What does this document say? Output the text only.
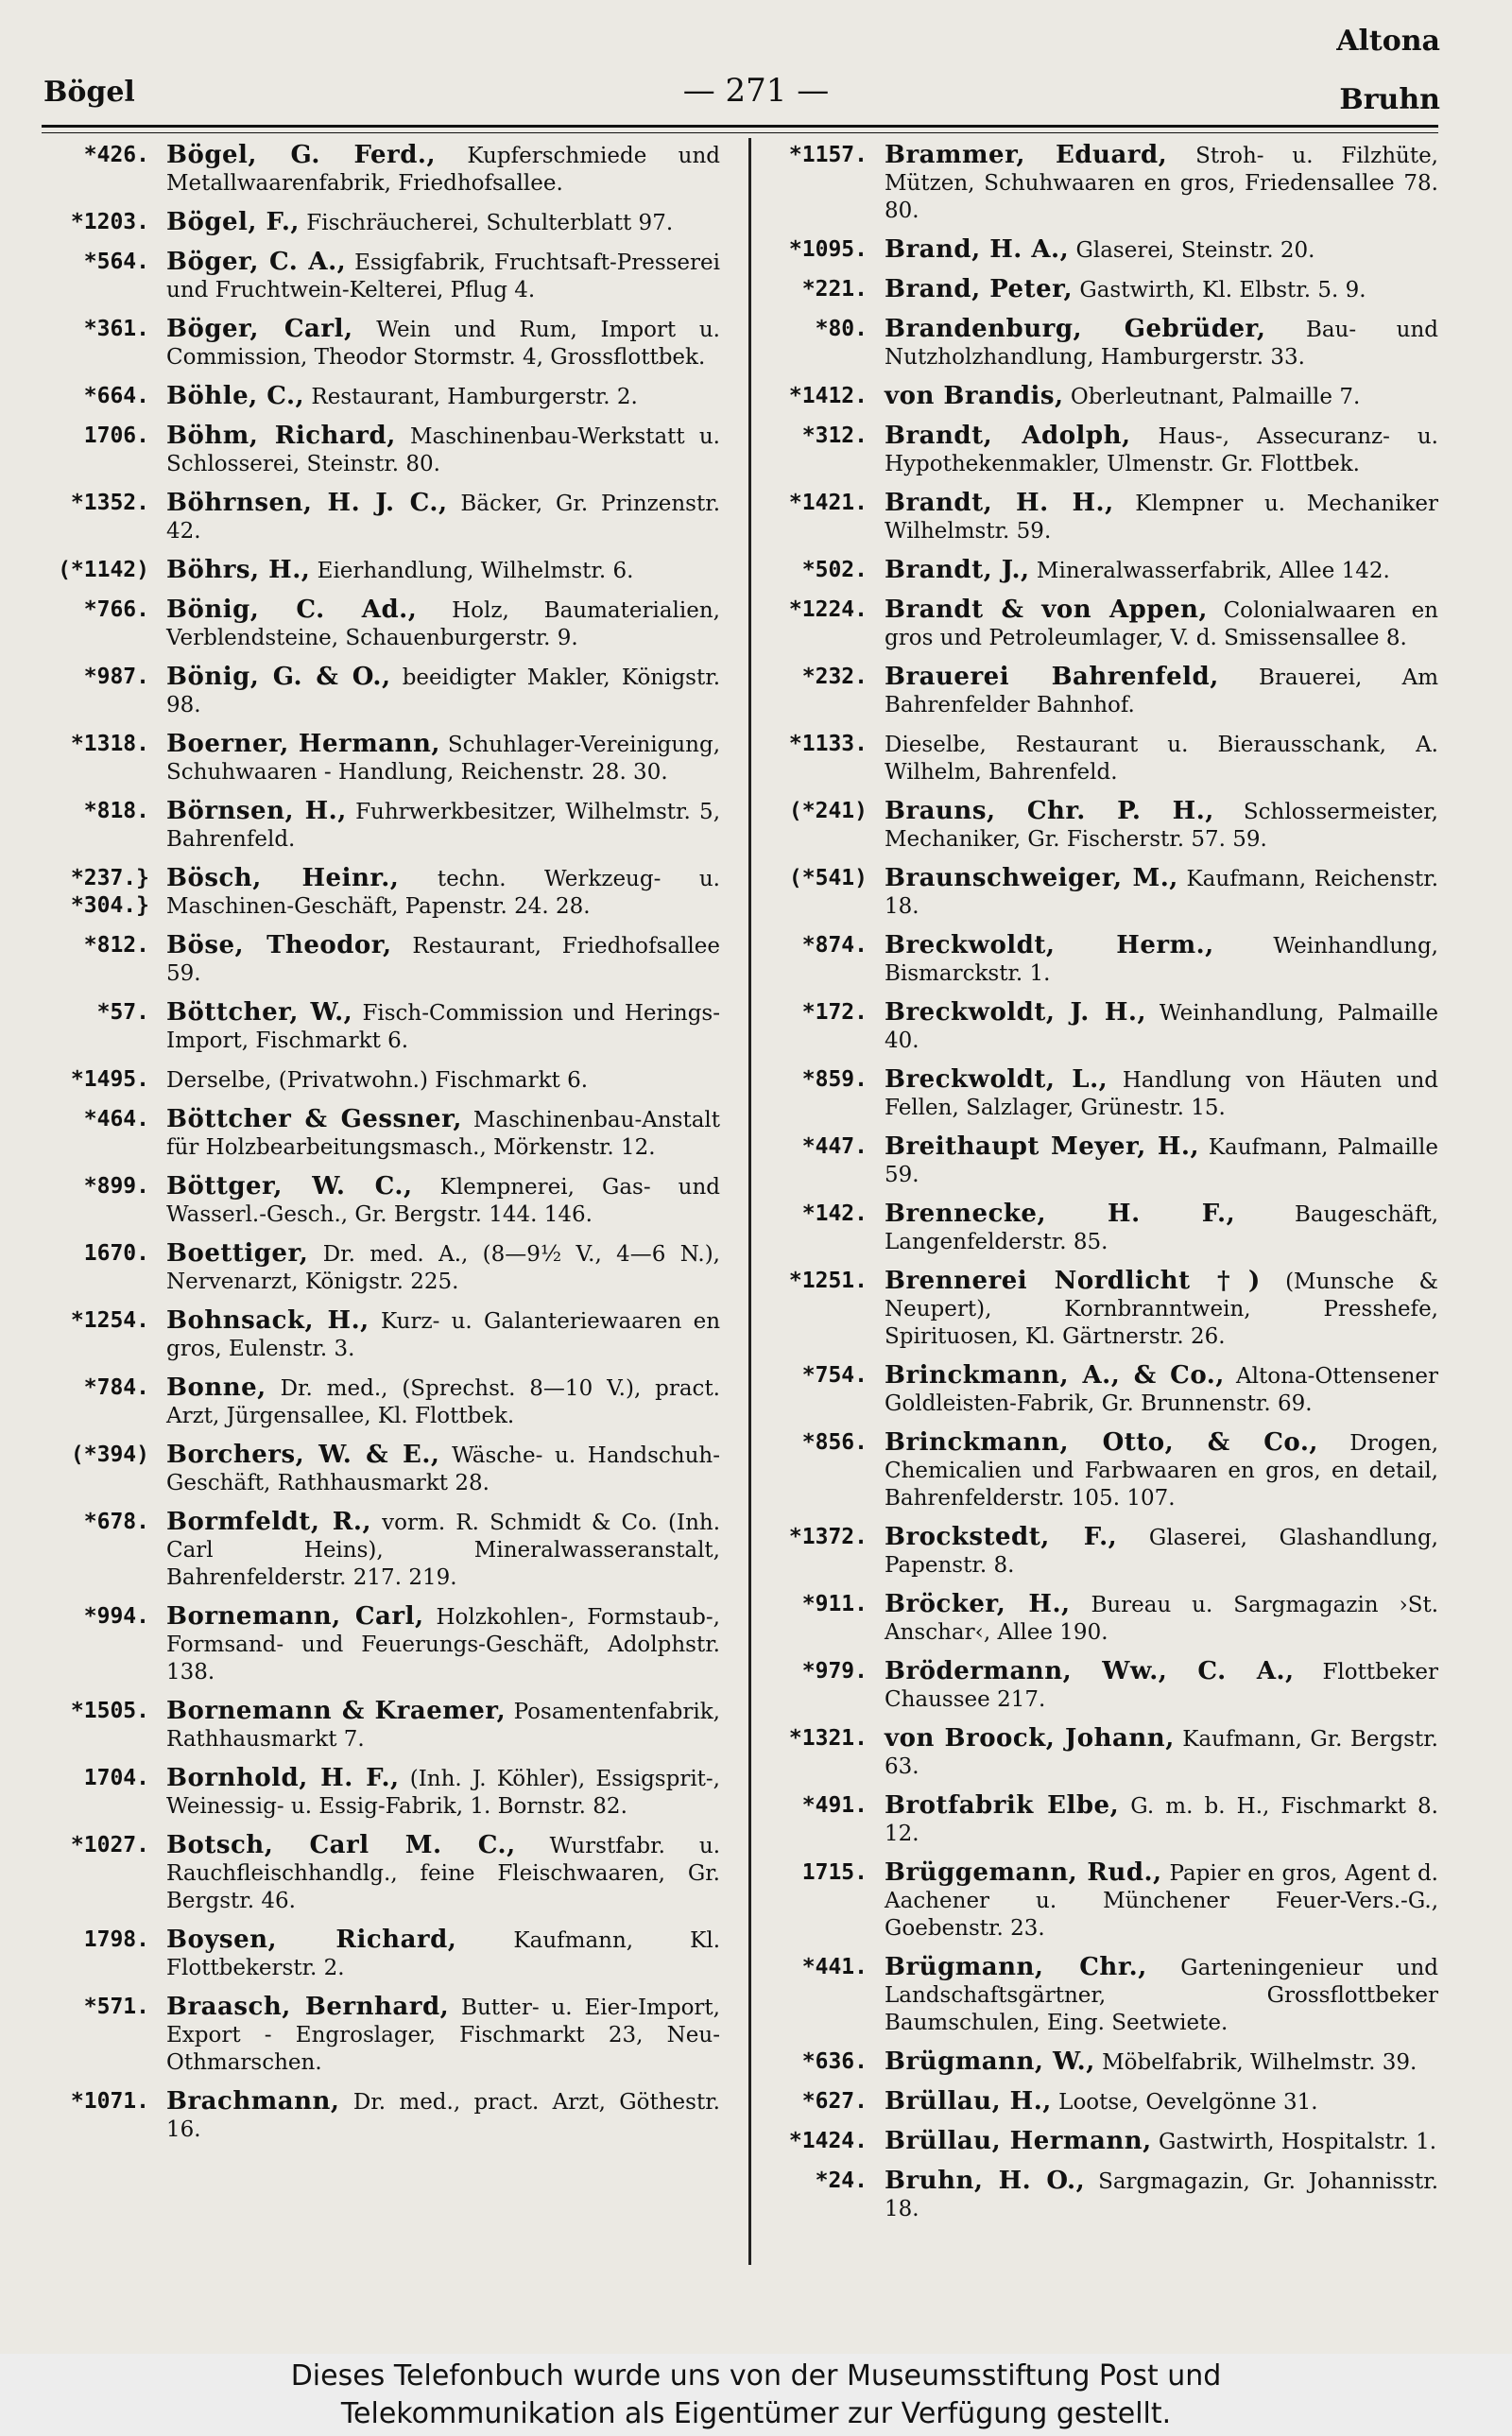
Bögel	— 271 —
Altona
Bruhn
*426. Bögel, G. Ferd., Kupferschmiede und Metallwaarenfabrik, Friedhofsallee.
*1203. Bögel, F., Fischräucherei, Schulterblatt 97.
*564. Böger, C. A., Essigfabrik, Fruchtsaft-Presserei und Fruchtwein-Kelterei, Pflug 4.
*361. Böger, Carl, Wein und Rum, Import u. Commission, Theodor Stormstr. 4, Grossflottbek.
*664. Böhle, C., Restaurant, Hamburgerstr. 2.
1706. Böhm, Richard, Maschinenbau-Werkstatt u. Schlosserei, Steinstr. 80.
*1352. Böhrnsen, H. J. C., Bäcker, Gr. Prinzenstr. 42.
(*1142) Böhrs, H., Eierhandlung, Wilhelmstr. 6.
*766. Bönig, C. Ad., Holz, Baumaterialien, Verblendsteine, Schauenburgerstr. 9.
*987. Bönig, G. & O., beeidigter Makler, Königstr. 98.
*1318. Boerner, Hermann, Schuhlager-Vereinigung, Schuhwaaren - Handlung, Reichenstr. 28. 30.
*818. Börnsen, H., Fuhrwerkbesitzer, Wilhelmstr. 5, Bahrenfeld.
*237.} *304.}
Bösch, Heinr., techn. Werkzeug- u. Maschinen-Geschäft, Papenstr. 24. 28.
*812. Böse, Theodor, Restaurant, Friedhofsallee 59.
*57. Böttcher, W., Fisch-Commission und Herings-Import, Fischmarkt 6.
*1495. Derselbe, (Privatwohn.) Fischmarkt 6.
*464. Böttcher & Gessner, Maschinenbau-Anstalt für Holzbearbeitungsmasch., Mörkenstr. 12.
*899. Böttger, W. C., Klempnerei, Gas- und Wasserl.-Gesch., Gr. Bergstr. 144. 146.
1670. Boettiger, Dr. med. A., (8—9½ V., 4—6 N.), Nervenarzt, Königstr. 225.
*1254. Bohnsack, H., Kurz- u. Galanteriewaaren en gros, Eulenstr. 3.
*784. Bonne, Dr. med., (Sprechst. 8—10 V.), pract. Arzt, Jürgensallee, Kl. Flottbek.
(*394) Borchers, W. & E., Wäsche- u. Handschuh-Geschäft, Rathhausmarkt 28.
*678. Bormfeldt, R., vorm. R. Schmidt & Co. (Inh. Carl Heins), Mineralwasseranstalt, Bahrenfelderstr. 217. 219.
*994. Bornemann, Carl, Holzkohlen-, Formstaub-, Formsand- und Feuerungs-Geschäft, Adolphstr. 138.
*1505. Bornemann & Kraemer, Posamentenfabrik, Rathhausmarkt 7.
1704. Bornhold, H. F., (Inh. J. Köhler), Essigsprit-, Weinessig- u. Essig-Fabrik, 1. Bornstr. 82.
*1027. Botsch, Carl M. C., Wurstfabr. u. Rauchfleischhandlg., feine Fleischwaaren, Gr. Bergstr. 46.
1798. Boysen, Richard,	Kaufmann, Kl. Flottbekerstr. 2.
*571. Braasch, Bernhard, Butter- u. Eier-Import, Export - Engroslager, Fischmarkt 23, Neu-Othmarschen.
*1071. Brachmann, Dr. med., pract. Arzt, Göthestr. 16.
*1157. Brammer, Eduard, Stroh- u. Filzhüte, Mützen, Schuhwaaren en gros, Friedensallee 78. 80.
*1095. Brand, H. A., Glaserei, Steinstr. 20.
*221. Brand, Peter, Gastwirth, Kl. Elbstr. 5. 9.
*80. Brandenburg, Gebrüder, Bau- und Nutzholzhandlung, Hamburgerstr. 33.
*1412. von Brandis, Oberleutnant, Palmaille 7.
*312. Brandt, Adolph, Haus-, Assecuranz- u. Hypothekenmakler, Ulmenstr. Gr. Flottbek.
*1421. Brandt, H. H., Klempner u. Mechaniker Wilhelmstr. 59.
*502. Brandt, J., Mineralwasserfabrik, Allee 142.
*1224. Brandt & von Appen, Colonialwaaren en gros und Petroleumlager, V. d. Smissensallee 8.
*232. Brauerei Bahrenfeld, Brauerei, Am Bahrenfelder Bahnhof.
*1133. Dieselbe, Restaurant u. Bierausschank, A. Wilhelm, Bahrenfeld.
(*241) Brauns, Chr. P. H., Schlossermeister, Mechaniker, Gr. Fischerstr. 57. 59.
(*541) Braunschweiger, M., Kaufmann, Reichenstr. 18.
*874. Breckwoldt, Herm.,	Weinhandlung, Bismarckstr. 1.
*172. Breckwoldt, J. H., Weinhandlung, Palmaille 40.
*859. Breckwoldt, L., Handlung von Häuten und Fellen, Salzlager, Grünestr. 15.
*447. Breithaupt Meyer, H., Kaufmann, Palmaille 59.
*142. Brennecke, H. F.,	Baugeschäft, Langenfelderstr. 85.
*1251. Brennerei Nordlicht †) (Munsche & Neupert), Kornbranntwein, Presshefe, Spirituosen, Kl. Gärtnerstr. 26.
*754. Brinckmann, A., & Co., Altona-Ottensener Goldleisten-Fabrik, Gr. Brunnenstr. 69.
*856. Brinckmann, Otto, & Co., Drogen, Chemicalien und Farbwaaren en gros, en detail, Bahrenfelderstr. 105. 107.
*1372. Brockstedt, F., Glaserei, Glashandlung, Papenstr. 8.
*911. Bröcker, H., Bureau u. Sargmagazin ›St. Anschar‹, Allee 190.
*979. Brödermann, Ww., C. A., Flottbeker Chaussee 217.
*1321. von Broock, Johann, Kaufmann, Gr. Bergstr. 63.
*491. Brotfabrik Elbe, G. m. b. H., Fischmarkt 8. 12.
1715. Brüggemann, Rud., Papier en gros, Agent d. Aachener u. Münchener Feuer-Vers.-G., Goebenstr. 23.
*441. Brügmann, Chr., Garteningenieur und Landschaftsgärtner, Grossflottbeker Baumschulen, Eing. Seetwiete.
*636. Brügmann, W., Möbelfabrik, Wilhelmstr. 39.
*627. Brüllau, H., Lootse, Oevelgönne 31.
*1424. Brüllau, Hermann, Gastwirth, Hospitalstr. 1.
*24. Bruhn, H. O., Sargmagazin, Gr. Johannisstr. 18.
Dieses Telefonbuch wurde uns von der Museumsstiftung Post und
Telekommunikation als Eigentümer zur Verfügung gestellt.
